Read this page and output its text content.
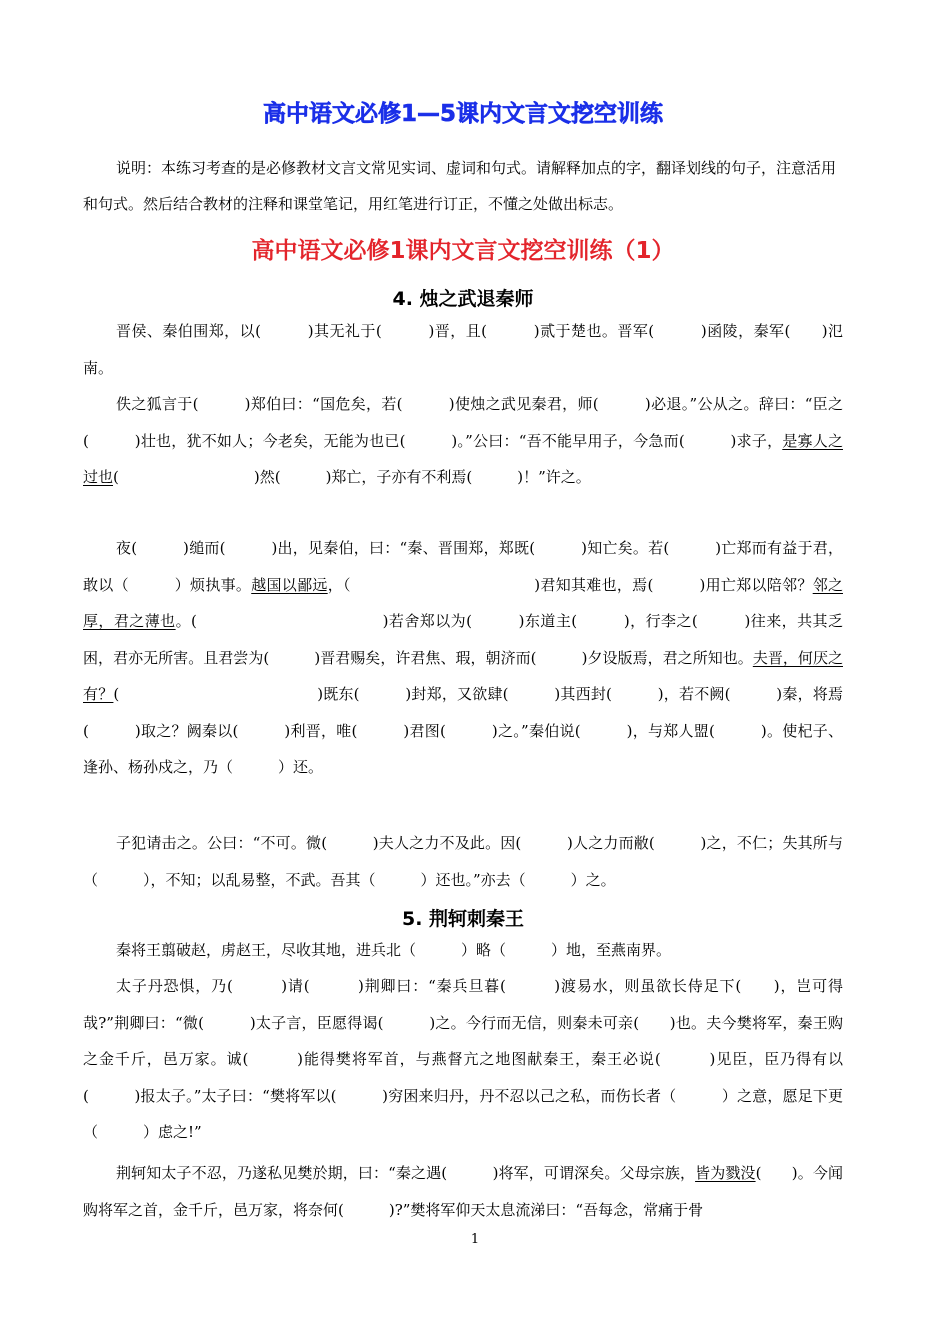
高中语文必修1—5课内文言文挖空训练
说明：本练习考查的是必修教材文言文常见实词、虚词和句式。请解释加点的字，翻译划线的句子，注意活用和句式。然后结合教材的注释和课堂笔记，用红笔进行订正，不懂之处做出标志。
高中语文必修1课内文言文挖空训练（1）
4. 烛之武退秦师
晋侯、秦伯围郑，以(　　　)其无礼于(　　　)晋，且(　　　)贰于楚也。晋军(　　　)函陵，秦军(　　)氾南。
佚之狐言于(　　　)郑伯曰：“国危矣，若(　　　)使烛之武见秦君，师(　　　)必退。”公从之。辞曰：“臣之(　　　)壮也，犹不如人；今老矣，无能为也已(　　　)。”公曰：“吾不能早用子，今急而(　　　)求子，是寡人之过也(　　　　　　　　　)然(　　　)郑亡，子亦有不利焉(　　　)！”许之。
夜(　　　)缒而(　　　)出，见秦伯，曰：“秦、晋围郑，郑既(　　　)知亡矣。若(　　　)亡郑而有益于君，敢以（　　　）烦执事。越国以鄙远，（　　　　　　　　　　　　)君知其难也，焉(　　　)用亡郑以陪邻？邻之厚，君之薄也。(　　　　　　　　　　　　)若舍郑以为(　　　)东道主(　　　)，行李之(　　　)往来，共其乏困，君亦无所害。且君尝为(　　　)晋君赐矣，许君焦、瑕，朝济而(　　　)夕设版焉，君之所知也。夫晋，何厌之有？(　　　　　　　　　　　　　)既东(　　　)封郑，又欲肆(　　　)其西封(　　　)，若不阙(　　　)秦，将焉(　　　)取之？阙秦以(　　　)利晋，唯(　　　)君图(　　　)之。”秦伯说(　　　)，与郑人盟(　　　)。使杞子、逢孙、杨孙戍之，乃（　　　）还。
子犯请击之。公曰：“不可。微(　　　)夫人之力不及此。因(　　　)人之力而敝(　　　)之，不仁；失其所与（　　　），不知；以乱易整，不武。吾其（　　　）还也。”亦去（　　　）之。
5. 荆轲刺秦王
秦将王翦破赵，虏赵王，尽收其地，进兵北（　　　）略（　　　）地，至燕南界。
太子丹恐惧，乃(　　　)请(　　　)荆卿曰：“秦兵旦暮(　　　)渡易水，则虽欲长侍足下(　　)，岂可得哉?”荆卿曰：“微(　　　)太子言，臣愿得谒(　　　)之。今行而无信，则秦未可亲(　　)也。夫今樊将军，秦王购之金千斤，邑万家。诚(　　　)能得樊将军首，与燕督亢之地图献秦王，秦王必说(　　　)见臣，臣乃得有以(　　　)报太子。”太子曰：“樊将军以(　　　)穷困来归丹，丹不忍以己之私，而伤长者（　　　）之意，愿足下更（　　　）虑之!”
荆轲知太子不忍，乃遂私见樊於期，曰：“秦之遇(　　　)将军，可谓深矣。父母宗族，皆为戮没(　　)。今闻购将军之首，金千斤，邑万家，将奈何(　　　)?”樊将军仰天太息流涕曰：“吾每念，常痛于骨
1
